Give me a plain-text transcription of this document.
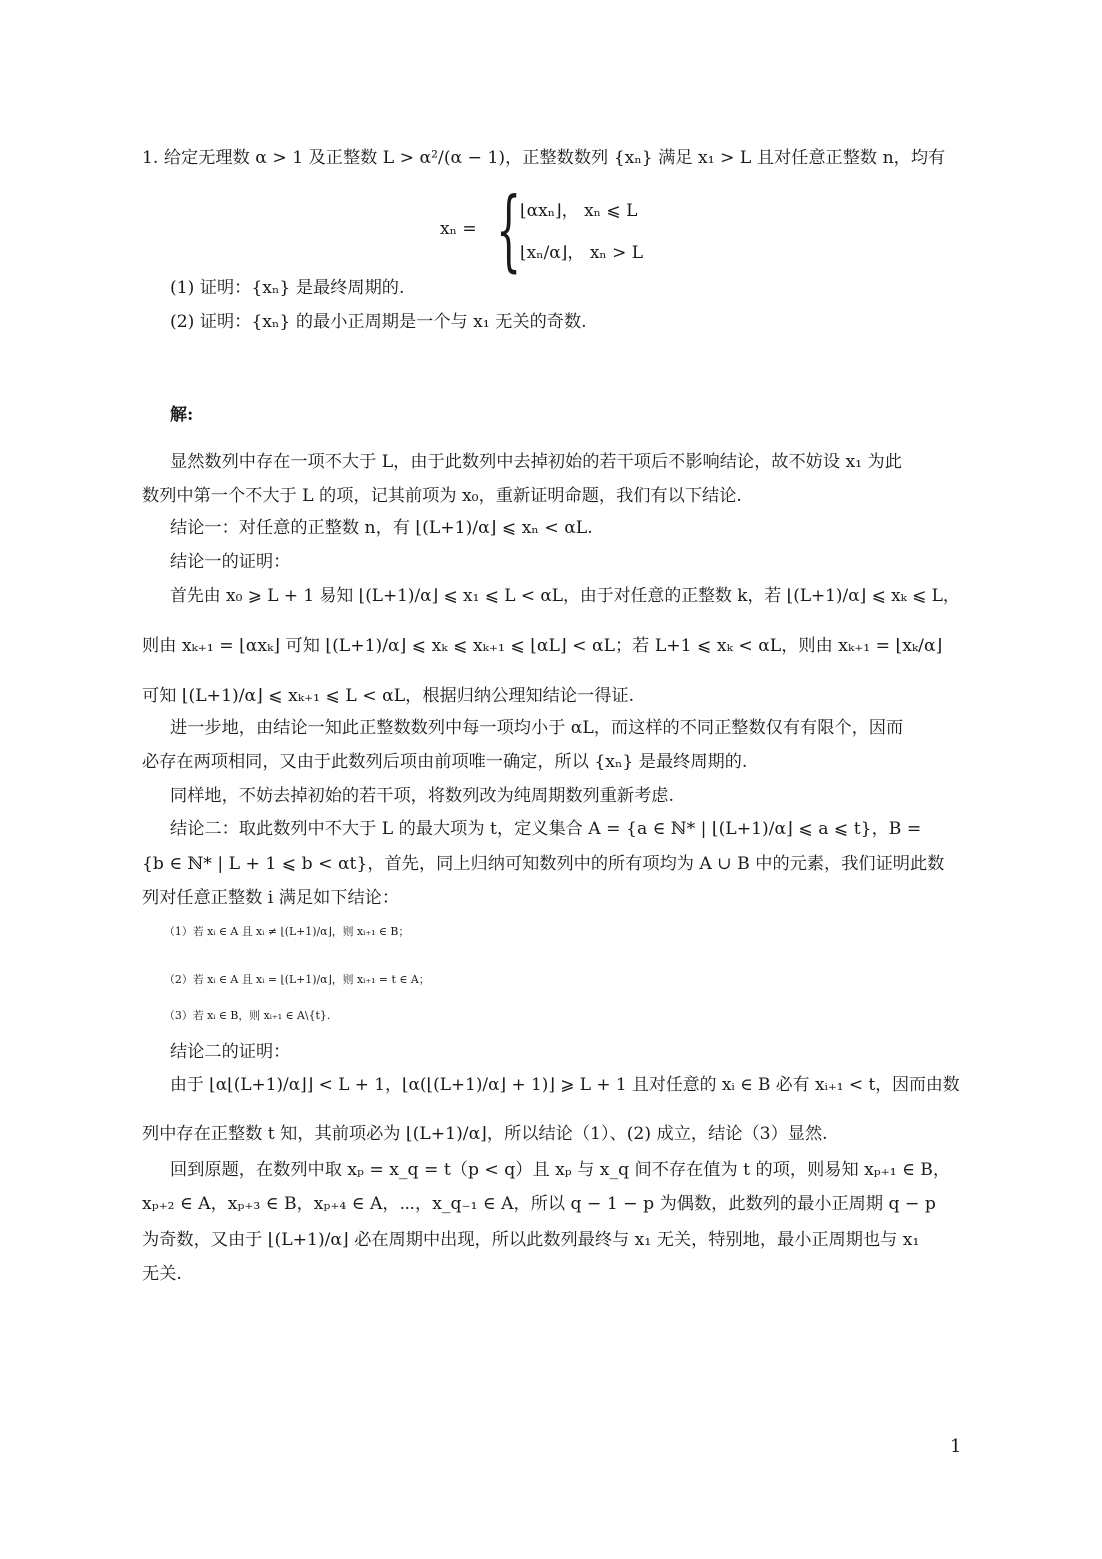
1. 给定无理数 α > 1 及正整数 L > α²/(α − 1)，正整数数列 {xₙ} 满足 x₁ > L 且对任意正整数 n，均有
xₙ = {
⌊αxₙ⌋， xₙ ⩽ L
⌊xₙ/α⌋， xₙ > L
(1) 证明：{xₙ} 是最终周期的.
(2) 证明：{xₙ} 的最小正周期是一个与 x₁ 无关的奇数.
解:
显然数列中存在一项不大于 L，由于此数列中去掉初始的若干项后不影响结论，故不妨设 x₁ 为此
数列中第一个不大于 L 的项，记其前项为 x₀，重新证明命题，我们有以下结论.
结论一：对任意的正整数 n，有 ⌊(L+1)/α⌋ ⩽ xₙ < αL.
结论一的证明：
首先由 x₀ ⩾ L + 1 易知 ⌊(L+1)/α⌋ ⩽ x₁ ⩽ L < αL，由于对任意的正整数 k，若 ⌊(L+1)/α⌋ ⩽ xₖ ⩽ L，
则由 xₖ₊₁ = ⌊αxₖ⌋ 可知 ⌊(L+1)/α⌋ ⩽ xₖ ⩽ xₖ₊₁ ⩽ ⌊αL⌋ < αL；若 L+1 ⩽ xₖ < αL，则由 xₖ₊₁ = ⌊xₖ/α⌋
可知 ⌊(L+1)/α⌋ ⩽ xₖ₊₁ ⩽ L < αL，根据归纳公理知结论一得证.
进一步地，由结论一知此正整数数列中每一项均小于 αL，而这样的不同正整数仅有有限个，因而
必存在两项相同，又由于此数列后项由前项唯一确定，所以 {xₙ} 是最终周期的.
同样地，不妨去掉初始的若干项，将数列改为纯周期数列重新考虑.
结论二：取此数列中不大于 L 的最大项为 t，定义集合 A = {a ∈ ℕ* | ⌊(L+1)/α⌋ ⩽ a ⩽ t}，B =
{b ∈ ℕ* | L + 1 ⩽ b < αt}，首先，同上归纳可知数列中的所有项均为 A ∪ B 中的元素，我们证明此数
列对任意正整数 i 满足如下结论：
（1）若 xᵢ ∈ A 且 xᵢ ≠ ⌊(L+1)/α⌋，则 xᵢ₊₁ ∈ B；
（2）若 xᵢ ∈ A 且 xᵢ = ⌊(L+1)/α⌋，则 xᵢ₊₁ = t ∈ A；
（3）若 xᵢ ∈ B，则 xᵢ₊₁ ∈ A\{t}.
结论二的证明：
由于 ⌊α⌊(L+1)/α⌋⌋ < L + 1，⌊α(⌊(L+1)/α⌋ + 1)⌋ ⩾ L + 1 且对任意的 xᵢ ∈ B 必有 xᵢ₊₁ < t，因而由数
列中存在正整数 t 知，其前项必为 ⌊(L+1)/α⌋，所以结论（1）、(2) 成立，结论（3）显然.
回到原题，在数列中取 xₚ = x_q = t（p < q）且 xₚ 与 x_q 间不存在值为 t 的项，则易知 xₚ₊₁ ∈ B，
xₚ₊₂ ∈ A，xₚ₊₃ ∈ B，xₚ₊₄ ∈ A，⋯，x_q₋₁ ∈ A，所以 q − 1 − p 为偶数，此数列的最小正周期 q − p
为奇数，又由于 ⌊(L+1)/α⌋ 必在周期中出现，所以此数列最终与 x₁ 无关，特别地，最小正周期也与 x₁
无关.
1
